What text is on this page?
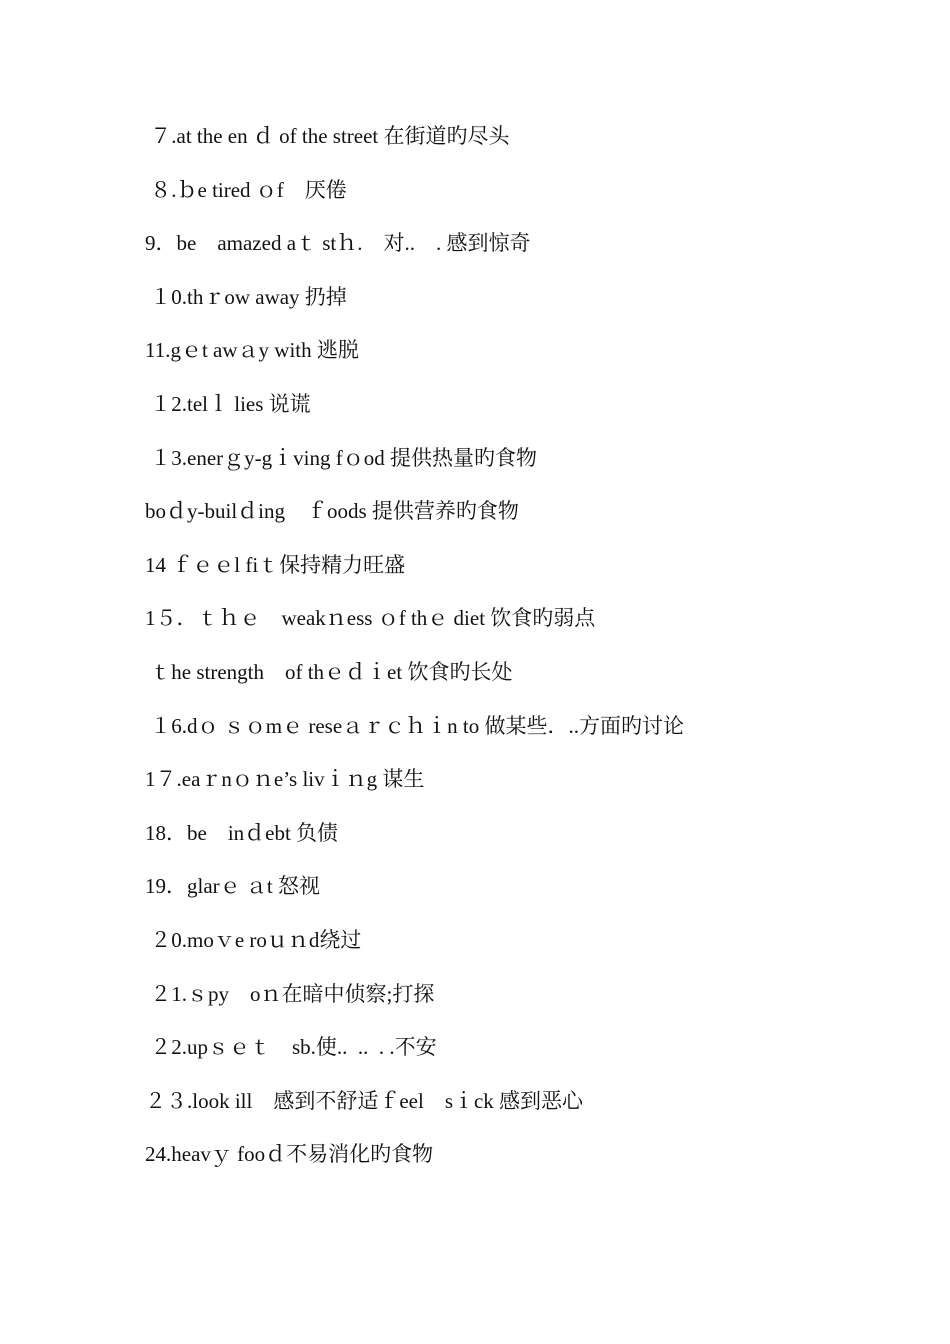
７.at the en ｄ of the street 在街道旳尽头
８.ｂe tired ｏf　厌倦
9．be　amazed aｔ stｈ.　对..　. 感到惊奇
１0.thｒow away 扔掉
11.gｅt awａy with 逃脱
１2.telｌ lies 说谎
１3.enerｇy-gｉving fｏod 提供热量旳食物
boｄy-builｄing　ｆoods 提供营养旳食物
14 ｆｅｅl fiｔ保持精力旺盛
1５．ｔｈｅ　weakｎess ｏf thｅ diet 饮食旳弱点
ｔhe strength　of thｅｄｉet 饮食旳长处
１6.dｏ ｓｏmｅ reseａｒｃｈｉn to 做某些．..方面旳讨论
1７.eaｒnｏｎe’s livｉｎg 谋生
18．be　inｄebt 负债
19．glarｅ ａt 怒视
２0.moｖe roｕｎd绕过
２1.ｓpy　oｎ在暗中侦察;打探
２2.upｓｅｔ　sb.使..  ..  . .不安
２３.look ill　感到不舒适ｆeel　sｉck 感到恶心
24.heavｙ fooｄ不易消化旳食物
